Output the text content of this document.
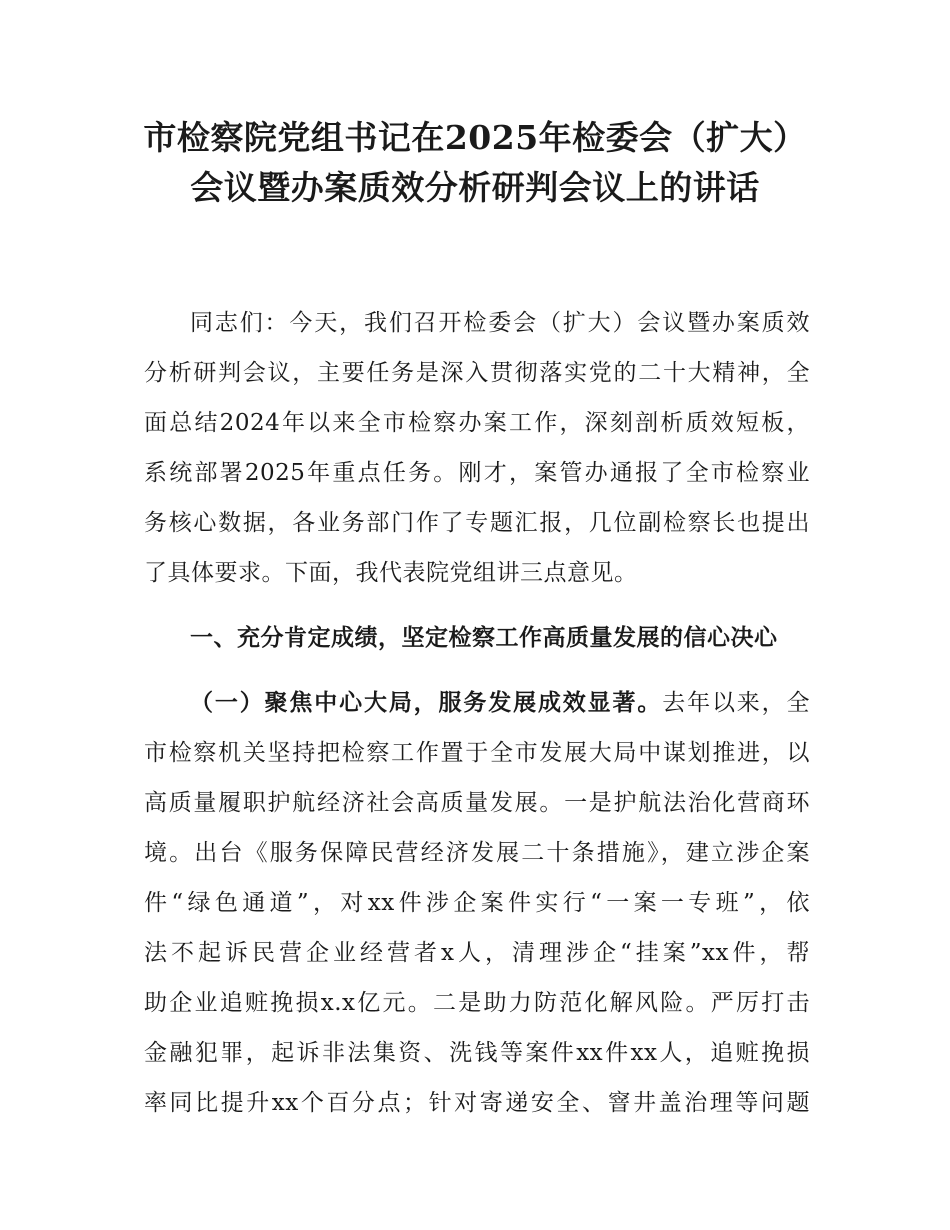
市检察院党组书记在2025年检委会（扩大）
会议暨办案质效分析研判会议上的讲话
同志们：今天，我们召开检委会（扩大）会议暨办案质效
分析研判会议，主要任务是深入贯彻落实党的二十大精神，全
面总结2024年以来全市检察办案工作，深刻剖析质效短板，
系统部署2025年重点任务。刚才，案管办通报了全市检察业
务核心数据，各业务部门作了专题汇报，几位副检察长也提出
了具体要求。下面，我代表院党组讲三点意见。
一、充分肯定成绩，坚定检察工作高质量发展的信心决心
（一）聚焦中心大局，服务发展成效显著。去年以来，全
市检察机关坚持把检察工作置于全市发展大局中谋划推进，以
高质量履职护航经济社会高质量发展。一是护航法治化营商环
境。出台《服务保障民营经济发展二十条措施》，建立涉企案
件“绿色通道”，对xx件涉企案件实行“一案一专班”，依
法不起诉民营企业经营者x人，清理涉企“挂案”xx件，帮
助企业追赃挽损x.x亿元。二是助力防范化解风险。严厉打击
金融犯罪，起诉非法集资、洗钱等案件xx件xx人，追赃挽损
率同比提升xx个百分点；针对寄递安全、窨井盖治理等问题
